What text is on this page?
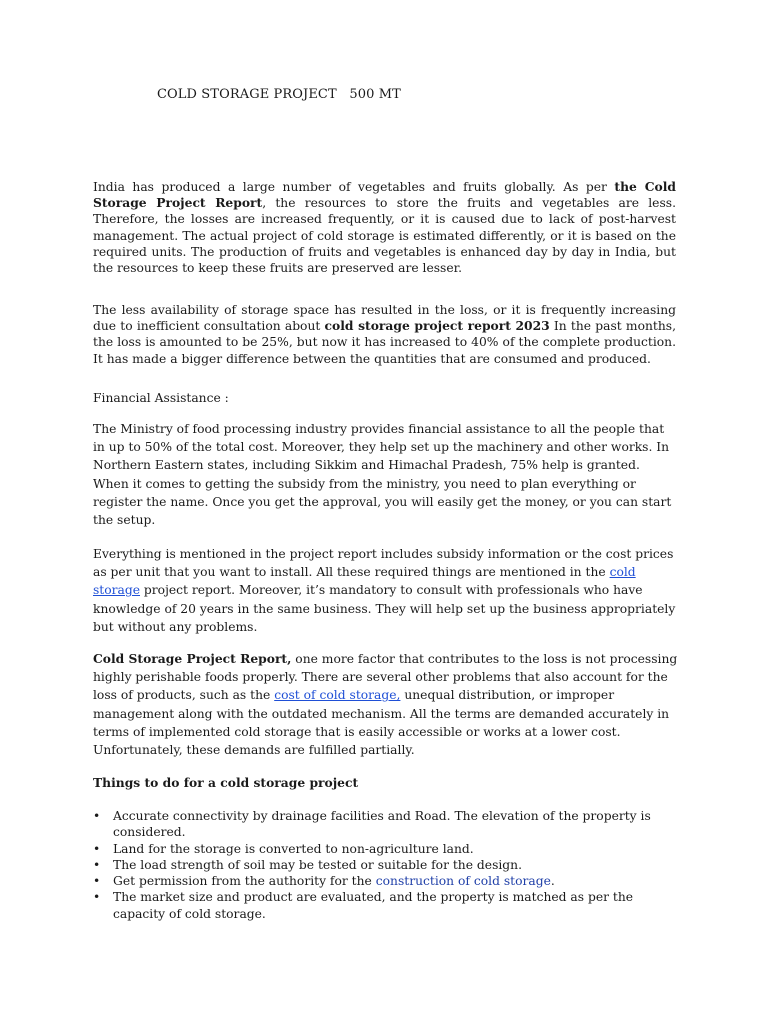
COLD STORAGE PROJECT   500 MT

India has produced a large number of vegetables and fruits globally. As per the Cold Storage Project Report, the resources to store the fruits and vegetables are less. Therefore, the losses are increased frequently, or it is caused due to lack of post-harvest management. The actual project of cold storage is estimated differently, or it is based on the required units. The production of fruits and vegetables is enhanced day by day in India, but the resources to keep these fruits are preserved are lesser.

The less availability of storage space has resulted in the loss, or it is frequently increasing due to inefficient consultation about cold storage project report 2023 In the past months, the loss is amounted to be 25%, but now it has increased to 40% of the complete production. It has made a bigger difference between the quantities that are consumed and produced.

Financial Assistance :

The Ministry of food processing industry provides financial assistance to all the people that in up to 50% of the total cost. Moreover, they help set up the machinery and other works. In Northern Eastern states, including Sikkim and Himachal Pradesh, 75% help is granted. When it comes to getting the subsidy from the ministry, you need to plan everything or register the name. Once you get the approval, you will easily get the money, or you can start the setup.

Everything is mentioned in the project report includes subsidy information or the cost prices as per unit that you want to install. All these required things are mentioned in the cold storage project report. Moreover, it’s mandatory to consult with professionals who have knowledge of 20 years in the same business. They will help set up the business appropriately but without any problems.

Cold Storage Project Report, one more factor that contributes to the loss is not processing highly perishable foods properly. There are several other problems that also account for the loss of products, such as the cost of cold storage, unequal distribution, or improper management along with the outdated mechanism. All the terms are demanded accurately in terms of implemented cold storage that is easily accessible or works at a lower cost. Unfortunately, these demands are fulfilled partially.

Things to do for a cold storage project

• Accurate connectivity by drainage facilities and Road. The elevation of the property is considered.
• Land for the storage is converted to non-agriculture land.
• The load strength of soil may be tested or suitable for the design.
• Get permission from the authority for the construction of cold storage.
• The market size and product are evaluated, and the property is matched as per the capacity of cold storage.
